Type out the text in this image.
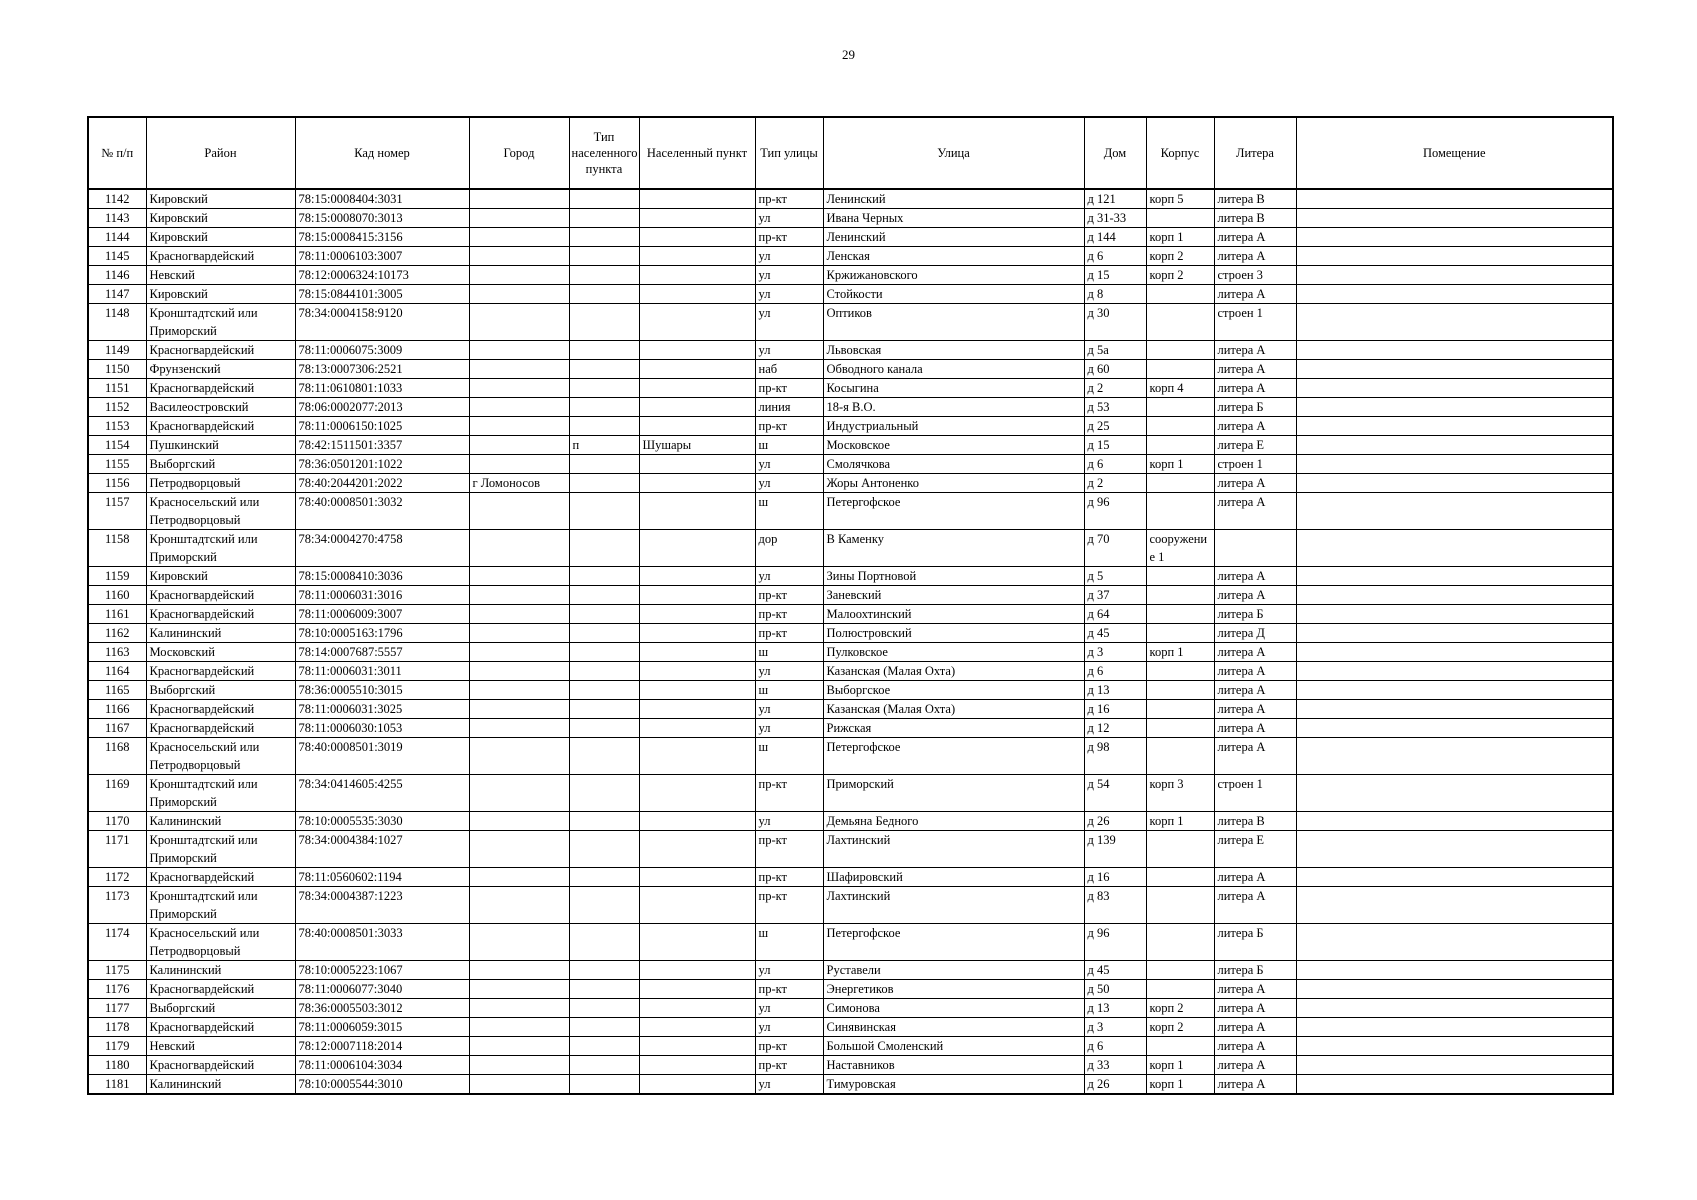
29
№ п/п	Район	Кад номер	Город	Тип населенного пункта	Населенный пункт	Тип улицы	Улица	Дом	Корпус	Литера	Помещение
1142	Кировский	78:15:0008404:3031				пр-кт	Ленинский	д 121	корп 5	литера В	
1143	Кировский	78:15:0008070:3013				ул	Ивана Черных	д 31-33		литера В	
1144	Кировский	78:15:0008415:3156				пр-кт	Ленинский	д 144	корп 1	литера А	
1145	Красногвардейский	78:11:0006103:3007				ул	Ленская	д 6	корп 2	литера А	
1146	Невский	78:12:0006324:10173				ул	Кржижановского	д 15	корп 2	строен 3	
1147	Кировский	78:15:0844101:3005				ул	Стойкости	д 8		литера А	
1148	Кронштадтский или Приморский	78:34:0004158:9120				ул	Оптиков	д 30		строен 1	
1149	Красногвардейский	78:11:0006075:3009				ул	Львовская	д 5а		литера А	
1150	Фрунзенский	78:13:0007306:2521				наб	Обводного канала	д 60		литера А	
1151	Красногвардейский	78:11:0610801:1033				пр-кт	Косыгина	д 2	корп 4	литера А	
1152	Василеостровский	78:06:0002077:2013				линия	18-я В.О.	д 53		литера Б	
1153	Красногвардейский	78:11:0006150:1025				пр-кт	Индустриальный	д 25		литера А	
1154	Пушкинский	78:42:1511501:3357		п	Шушары	ш	Московское	д 15		литера Е	
1155	Выборгский	78:36:0501201:1022				ул	Смолячкова	д 6	корп 1	строен 1	
1156	Петродворцовый	78:40:2044201:2022	г Ломоносов			ул	Жоры Антоненко	д 2		литера А	
1157	Красносельский или Петродворцовый	78:40:0008501:3032				ш	Петергофское	д 96		литера А	
1158	Кронштадтский или Приморский	78:34:0004270:4758				дор	В Каменку	д 70	сооружение 1		
1159	Кировский	78:15:0008410:3036				ул	Зины Портновой	д 5		литера А	
1160	Красногвардейский	78:11:0006031:3016				пр-кт	Заневский	д 37		литера А	
1161	Красногвардейский	78:11:0006009:3007				пр-кт	Малоохтинский	д 64		литера Б	
1162	Калининский	78:10:0005163:1796				пр-кт	Полюстровский	д 45		литера Д	
1163	Московский	78:14:0007687:5557				ш	Пулковское	д 3	корп 1	литера А	
1164	Красногвардейский	78:11:0006031:3011				ул	Казанская (Малая Охта)	д 6		литера А	
1165	Выборгский	78:36:0005510:3015				ш	Выборгское	д 13		литера А	
1166	Красногвардейский	78:11:0006031:3025				ул	Казанская (Малая Охта)	д 16		литера А	
1167	Красногвардейский	78:11:0006030:1053				ул	Рижская	д 12		литера А	
1168	Красносельский или Петродворцовый	78:40:0008501:3019				ш	Петергофское	д 98		литера А	
1169	Кронштадтский или Приморский	78:34:0414605:4255				пр-кт	Приморский	д 54	корп 3	строен 1	
1170	Калининский	78:10:0005535:3030				ул	Демьяна Бедного	д 26	корп 1	литера В	
1171	Кронштадтский или Приморский	78:34:0004384:1027				пр-кт	Лахтинский	д 139		литера Е	
1172	Красногвардейский	78:11:0560602:1194				пр-кт	Шафировский	д 16		литера А	
1173	Кронштадтский или Приморский	78:34:0004387:1223				пр-кт	Лахтинский	д 83		литера А	
1174	Красносельский или Петродворцовый	78:40:0008501:3033				ш	Петергофское	д 96		литера Б	
1175	Калининский	78:10:0005223:1067				ул	Руставели	д 45		литера Б	
1176	Красногвардейский	78:11:0006077:3040				пр-кт	Энергетиков	д 50		литера А	
1177	Выборгский	78:36:0005503:3012				ул	Симонова	д 13	корп 2	литера А	
1178	Красногвардейский	78:11:0006059:3015				ул	Синявинская	д 3	корп 2	литера А	
1179	Невский	78:12:0007118:2014				пр-кт	Большой Смоленский	д 6		литера А	
1180	Красногвардейский	78:11:0006104:3034				пр-кт	Наставников	д 33	корп 1	литера А	
1181	Калининский	78:10:0005544:3010				ул	Тимуровская	д 26	корп 1	литера А	
